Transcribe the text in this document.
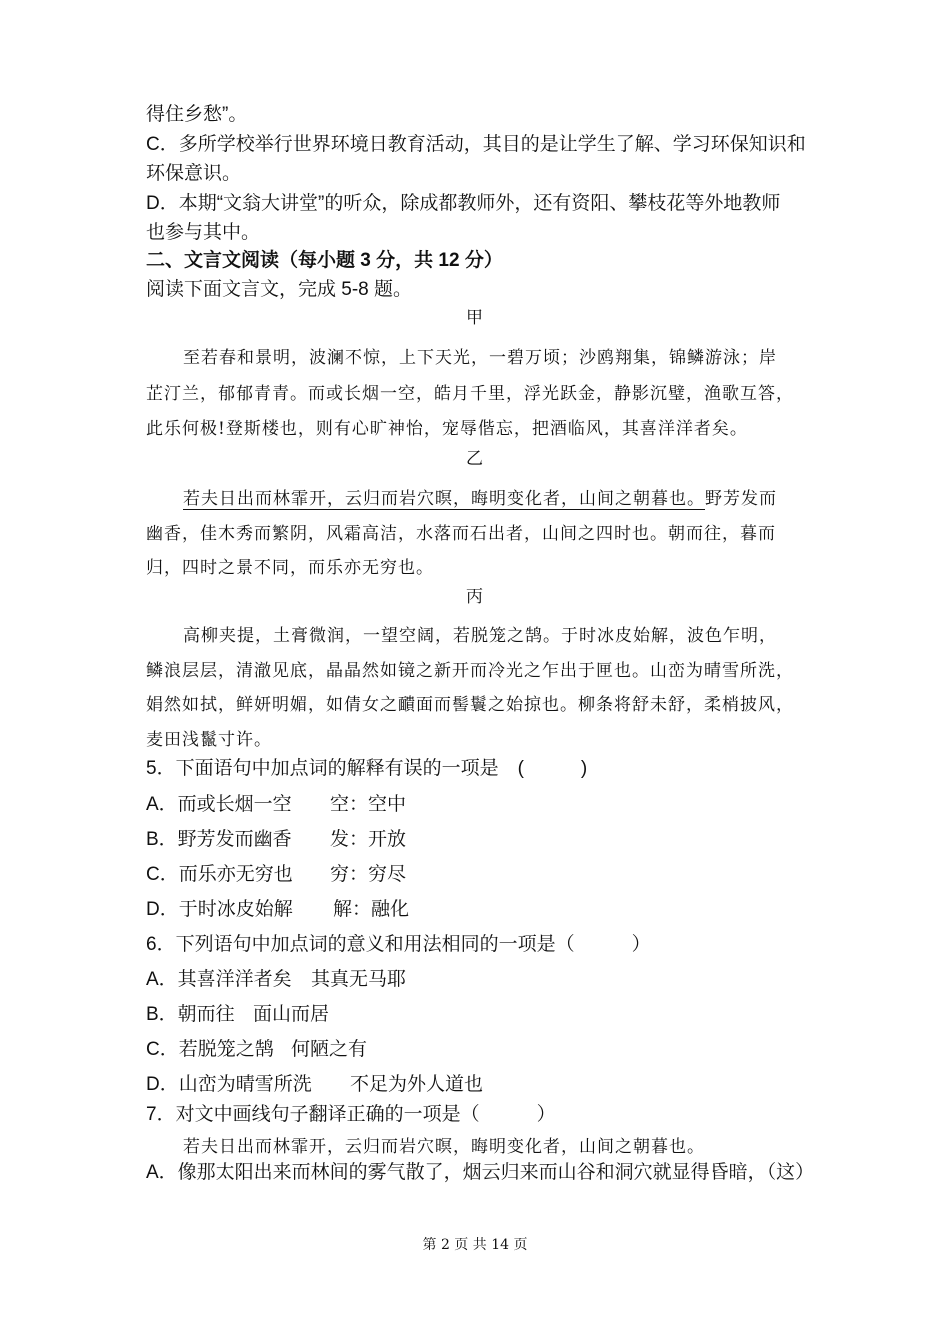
得住乡愁”。
C．多所学校举行世界环境日教育活动，其目的是让学生了解、学习环保知识和
环保意识。
D．本期“文翁大讲堂”的听众，除成都教师外，还有资阳、攀枝花等外地教师
也参与其中。
二、文言文阅读（每小题 3 分，共 12 分）
阅读下面文言文，完成 5-8 题。
甲
至若春和景明，波澜不惊，上下天光，一碧万顷；沙鸥翔集，锦鳞游泳；岸
芷汀兰，郁郁青青。而或长烟一空，皓月千里，浮光跃金，静影沉璧，渔歌互答，
此乐何极!登斯楼也，则有心旷神怡，宠辱偕忘，把酒临风，其喜洋洋者矣。
乙
若夫日出而林霏开，云归而岩穴暝，晦明变化者，山间之朝暮也。野芳发而
幽香，佳木秀而繁阴，风霜高洁，水落而石出者，山间之四时也。朝而往，暮而
归，四时之景不同，而乐亦无穷也。
丙
高柳夹提，土膏微润，一望空阔，若脱笼之鹄。于时冰皮始解，波色乍明，
鳞浪层层，清澈见底，晶晶然如镜之新开而冷光之乍出于匣也。山峦为晴雪所洗，
娟然如拭，鲜妍明媚，如倩女之靧面而髻鬟之始掠也。柳条将舒未舒，柔梢披风，
麦田浅鬣寸许。
5．下面语句中加点词的解释有误的一项是　(　　　)
A．而或长烟一空 空：空中
B．野芳发而幽香 发：开放
C．而乐亦无穷也 穷：穷尽
D．于时冰皮始解 解：融化
6．下列语句中加点词的意义和用法相同的一项是（　　　）
A．其喜洋洋者矣 其真无马耶
B．朝而往 面山而居
C．若脱笼之鹄 何陋之有
D．山峦为晴雪所洗 不足为外人道也
7．对文中画线句子翻译正确的一项是（　　　）
若夫日出而林霏开，云归而岩穴暝，晦明变化者，山间之朝暮也。
A．像那太阳出来而林间的雾气散了，烟云归来而山谷和洞穴就显得昏暗，（这）
第 2 页 共 14 页
